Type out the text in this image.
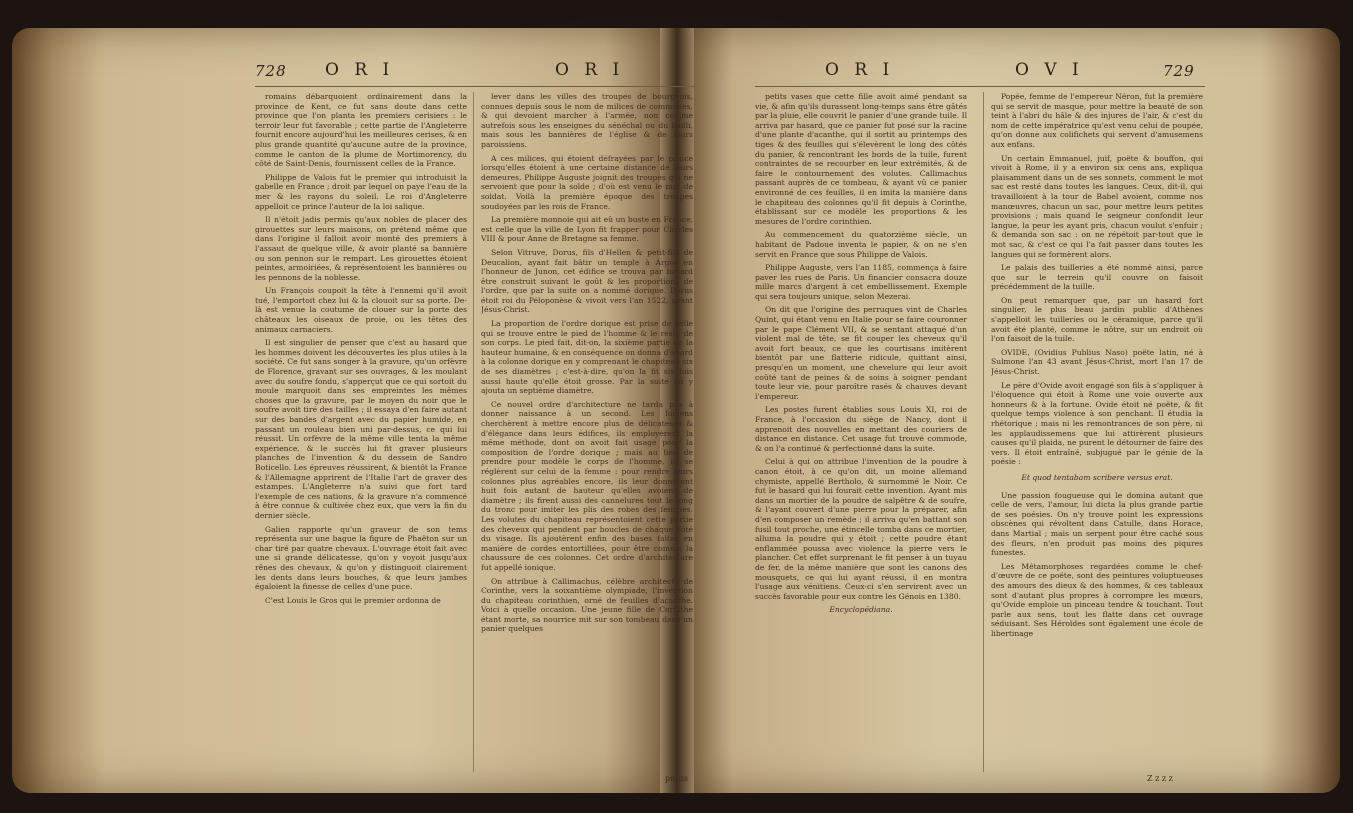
728 O R I	O R I

romains débarquoient ordinairement dans la province de Kent, ce fut sans doute dans cette province que l'on planta les premiers cerisiers : le terroir leur fut favorable ; cette partie de l'Angleterre fournit encore aujourd'hui les meilleures cerises, & en plus grande quantité qu'aucune autre de la province, comme le canton de la plume de Mortimorency, du côté de Saint-Denis, fournissent celles de la France.

Philippe de Valois fut le premier qui introduisit la gabelle en France ; droit par lequel on paye l'eau de la mer & les rayons du soleil. Le roi d'Angleterre appelloit ce prince l'auteur de la loi salique.

Il n'étoit jadis permis qu'aux nobles de placer des girouettes sur leurs maisons, on prétend même que dans l'origine il falloit avoir monté des premiers à l'assaut de quelque ville, & avoir planté sa bannière ou son pennon sur le rempart. Les girouettes étoient peintes, armoiriées, & représentoient les bannières ou les pennons de la noblesse.

Un François coupoit la tête à l'ennemi qu'il avoit tué, l'emportoit chez lui & la clouoit sur sa porte. De-là est venue la coutume de clouer sur la porte des châteaux les oiseaux de proie, ou les têtes des animaux carnaciers.

Il est singulier de penser que c'est au hasard que les hommes doivent les découvertes les plus utiles à la société. Ce fut sans songer à la gravure, qu'un orfèvre de Florence, gravant sur ses ouvrages, & les moulant avec du soufre fondu, s'apperçut que ce qui sortoit du moule marquoit dans ses empreintes les mêmes choses que la gravure, par le moyen du noir que le soufre avoit tiré des tailles ; il essaya d'en faire autant sur des bandes d'argent avec du papier humide, en passant un rouleau bien uni par-dessus, ce qui lui réussit. Un orfèvre de la même ville tenta la même expérience, & le succès lui fit graver plusieurs planches de l'invention & du dessein de Sandro Boticello. Les épreuves réussirent, & bientôt la France & l'Allemagne apprirent de l'Italie l'art de graver des estampes. L'Angleterre n'a suivi que fort tard l'exemple de ces nations, & la gravure n'a commencé à être connue & cultivée chez eux, que vers la fin du dernier siècle.

Galien rapporte qu'un graveur de son tems représenta sur une bague la figure de Phaëton sur un char tiré par quatre chevaux. L'ouvrage étoit fait avec une si grande délicatesse, qu'on y voyoit jusqu'aux rênes des chevaux, & qu'on y distinguoit clairement les dents dans leurs bouches, & que leurs jambes égaloient la finesse de celles d'une puce.

C'est Louis le Gros qui le premier ordonna de

lever dans les villes des troupes de bourgeois, connues depuis sous le nom de milices de communes, & qui devoient marcher à l'armée, non comme autrefois sous les enseignes du sénéchal ou du bailli, mais sous les bannières de l'église & de leurs paroissiens.

A ces milices, qui étoient défrayées par le prince lorsqu'elles étoient à une certaine distance de leurs demeures, Philippe Auguste joignit des troupes qui ne servoient que pour la solde ; d'où est venu le mot de soldat. Voilà la première époque des troupes soudoyées par les rois de France.

La première monnoie qui ait eû un buste en France, est celle que la ville de Lyon fit frapper pour Charles VIII & pour Anne de Bretagne sa femme.

Selon Vitruve, Dorus, fils d'Hellen & petit-fils de Deucalion, ayant fait bâtir un temple à Argos en l'honneur de Junon, cet édifice se trouva par hasard être construit suivant le goût & les proportions de l'ordre, que par la suite on a nommé dorique. Dorus étoit roi du Péloponèse & vivoit vers l'an 1522, avant Jésus-Christ.

La proportion de l'ordre dorique est prise de celle qui se trouve entre le pied de l'homme & le reste de son corps. Le pied fait, dit-on, la sixième partie de la hauteur humaine, & en conséquence on donna d'abord à la colonne dorique en y comprenant le chapiteau six de ses diamètres ; c'est-à-dire, qu'on la fit six fois aussi haute qu'elle étoit grosse. Par la suite on y ajouta un septième diamètre.

Ce nouvel ordre d'architecture ne tarda pas à donner naissance à un second. Les Ioniens cherchèrent à mettre encore plus de délicatesse & d'élégance dans leurs édifices, ils employèrent la même méthode, dont on avoit fait usage pour la composition de l'ordre dorique ; mais au lieu de prendre pour modèle le corps de l'homme, ils se réglèrent sur celui de la femme : pour rendre leurs colonnes plus agréables encore, ils leur donnèrent huit fois autant de hauteur qu'elles avoient de diamètre ; ils firent aussi des cannelures tout le long du tronc pour imiter les plis des robes des femmes. Les volutes du chapiteau représentoient cette partie des cheveux qui pendent par boucles de chaque côté du visage. Ils ajoutèrent enfin des bases faites en manière de cordes entortillées, pour être comme la chaussure de ces colonnes. Cet ordre d'architecture fut appellé ionique.

On attribue à Callimachus, célèbre architecte de Corinthe, vers la soixantième olympiade, l'invention du chapiteau corinthien, orné de feuilles d'acanthe. Voici à quelle occasion. Une jeune fille de Corinthe étant morte, sa nourrice mit sur son tombeau dans un panier quelques

petits
O R I	O V I	729

petits vases que cette fille avoit aimé pendant sa vie, & afin qu'ils durassent long-temps sans être gâtés par la pluie, elle couvrit le panier d'une grande tuile. Il arriva par hasard, que ce panier fut posé sur la racine d'une plante d'acanthe, qui il sortit au printemps des tiges & des feuilles qui s'élevèrent le long des côtés du panier, & rencontrant les bords de la tuile, furent contraintes de se recourber en leur extrémités, & de faire le contournement des volutes. Callimachus passant auprès de ce tombeau, & ayant vû ce panier environné de ces feuilles, il en imita la manière dans le chapiteau des colonnes qu'il fit depuis à Corinthe, établissant sur ce modèle les proportions & les mesures de l'ordre corinthien.

Au commencement du quatorzième siècle, un habitant de Padoue inventa le papier, & on ne s'en servit en France que sous Philippe de Valois.

Philippe Auguste, vers l'an 1185, commença à faire paver les rues de Paris. Un financier consacra douze mille marcs d'argent à cet embellissement. Exemple qui sera toujours unique, selon Mezerai.

On dit que l'origine des perruques vint de Charles Quint, qui étant venu en Italie pour se faire couronner par le pape Clément VII, & se sentant attaqué d'un violent mal de tête, se fit couper les cheveux qu'il avoit fort beaux, ce que les courtisans imitèrent bientôt par une flatterie ridicule, quittant ainsi, presqu'en un moment, une chevelure qui leur avoit coûté tant de peines & de soins à soigner pendant toute leur vie, pour paroître rasés & chauves devant l'empereur.

Les postes furent établies sous Louis XI, roi de France, à l'occasion du siège de Nancy, dont il apprenoit des nouvelles en mettant des couriers de distance en distance. Cet usage fut trouvé commode, & on l'a continué & perfectionné dans la suite.

Celui à qui on attribue l'invention de la poudre à canon étoit, à ce qu'on dit, un moine allemand chymiste, appellé Bertholo, & surnommé le Noir. Ce fut le hasard qui lui fourait cette invention. Ayant mis dans un mortier de la poudre de salpêtre & de soufre, & l'ayant couvert d'une pierre pour la préparer, afin d'en composer un remède ; il arriva qu'en battant son fusil tout proche, une étincelle tomba dans ce mortier, alluma la poudre qui y étoit ; cette poudre étant enflammée poussa avec violence la pierre vers le plancher. Cet effet surprenant le fit penser à un tuyau de fer, de la même manière que sont les canons des mousquets, ce qui lui ayant réussi, il en montra l'usage aux vénitiens. Ceux-ci s'en servirent avec un succès favorable pour eux contre les Génois en 1380.

Encyclopédiana.

Popée, femme de l'empereur Néron, fut la première qui se servit de masque, pour mettre la beauté de son teint à l'abri du hâle & des injures de l'air, & c'est du nom de cette impératrice qu'est venu celui de poupée, qu'on donne aux colifichets qui servent d'amusemens aux enfans.

Un certain Emmanuel, juif, poëte & bouffon, qui vivoit à Rome, il y a environ six cens ans, expliqua plaisamment dans un de ses sonnets, comment le mot sac est resté dans toutes les langues. Ceux, dit-il, qui travailloient à la tour de Babel avoient, comme nos manœuvres, chacun un sac, pour mettre leurs petites provisions ; mais quand le seigneur confondit leur langue, la peur les ayant pris, chacun voulut s'enfuir ; & demanda son sac : on ne répétoit par-tout que le mot sac, & c'est ce qui l'a fait passer dans toutes les langues qui se formèrent alors.

Le palais des tuilleries a été nommé ainsi, parce que sur le terrein qu'il couvre on faisoit précédemment de la tuille.

On peut remarquer que, par un hasard fort singulier, le plus beau jardin public d'Athènes s'appelloit les tuilleries ou le céramique, parce qu'il avoit été planté, comme le nôtre, sur un endroit où l'on faisoit de la tuile.

OVIDE, (Ovidius Publius Naso) poëte latin, né à Sulmone l'an 43 avant Jésus-Christ, mort l'an 17 de Jésus-Christ.

Le père d'Ovide avoit engagé son fils à s'appliquer à l'éloquence qui étoit à Rome une voie ouverte aux honneurs & à la fortune. Ovide étoit né poëte, & fit quelque temps violence à son penchant. Il étudia la rhétorique ; mais ni les remontrances de son père, ni les applaudissemens que lui attirèrent plusieurs causes qu'il plaida, ne purent le détourner de faire des vers. Il étoit entraîné, subjugué par le génie de la poésie :

Et quod tentabam scribere versus erat.

Une passion fougueuse qui le domina autant que celle de vers, l'amour, lui dicta la plus grande partie de ses poésies. On n'y trouve point les expressions obscènes qui révoltent dans Catulle, dans Horace, dans Martial ; mais un serpent pour être caché sous des fleurs, n'en produit pas moins des piqures funestes.

Les Métamorphoses regardées comme le chef-d'œuvre de ce poëte, sont des peintures voluptueuses des amours des dieux & des hommes, & ces tableaux sont d'autant plus propres à corrompre les mœurs, qu'Ovide emploie un pinceau tendre & touchant. Tout parle aux sens, tout les flatte dans cet ouvrage séduisant. Ses Héroïdes sont également une école de libertinage

Z z z z
